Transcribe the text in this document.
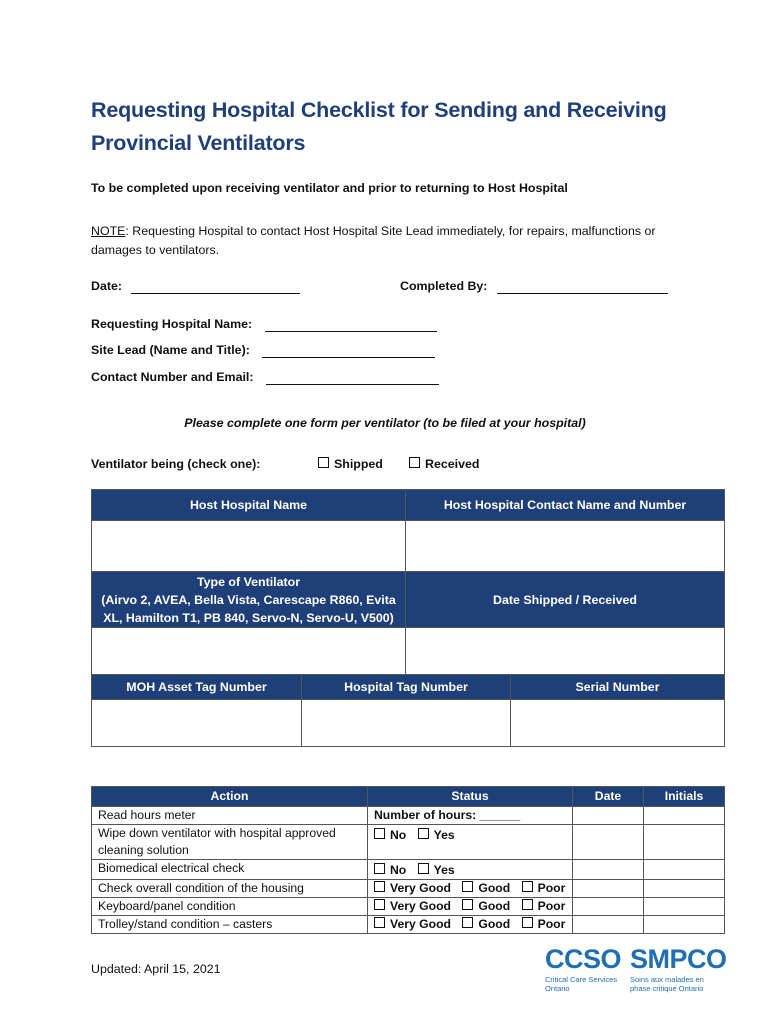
Requesting Hospital Checklist for Sending and Receiving Provincial Ventilators
To be completed upon receiving ventilator and prior to returning to Host Hospital
NOTE: Requesting Hospital to contact Host Hospital Site Lead immediately, for repairs, malfunctions or damages to ventilators.
Date:	Completed By:
Requesting Hospital Name:
Site Lead (Name and Title):
Contact Number and Email:
Please complete one form per ventilator (to be filed at your hospital)
Ventilator being (check one):	Shipped	Received
Host Hospital Name		Host Hospital Contact Name and Number	

Type of Ventilator
(Airvo 2, AVEA, Bella Vista, Carescape R860, Evita XL, Hamilton T1, PB 840, Servo-N, Servo-U, V500)		Date Shipped / Received	

MOH Asset Tag Number	Hospital Tag Number		Serial Number

Action	Status	Date	Initials
Read hours meter	Number of hours: ______		
Wipe down ventilator with hospital approved cleaning solution	No Yes		
Biomedical electrical check	No Yes		
Check overall condition of the housing	Very Good Good Poor		
Keyboard/panel condition	Very Good Good Poor		
Trolley/stand condition – casters	Very Good Good Poor		
Updated: April 15, 2021	CCSO
Critical Care Services Ontario
SMPCO
Soins aux malades en phase critique Ontario
